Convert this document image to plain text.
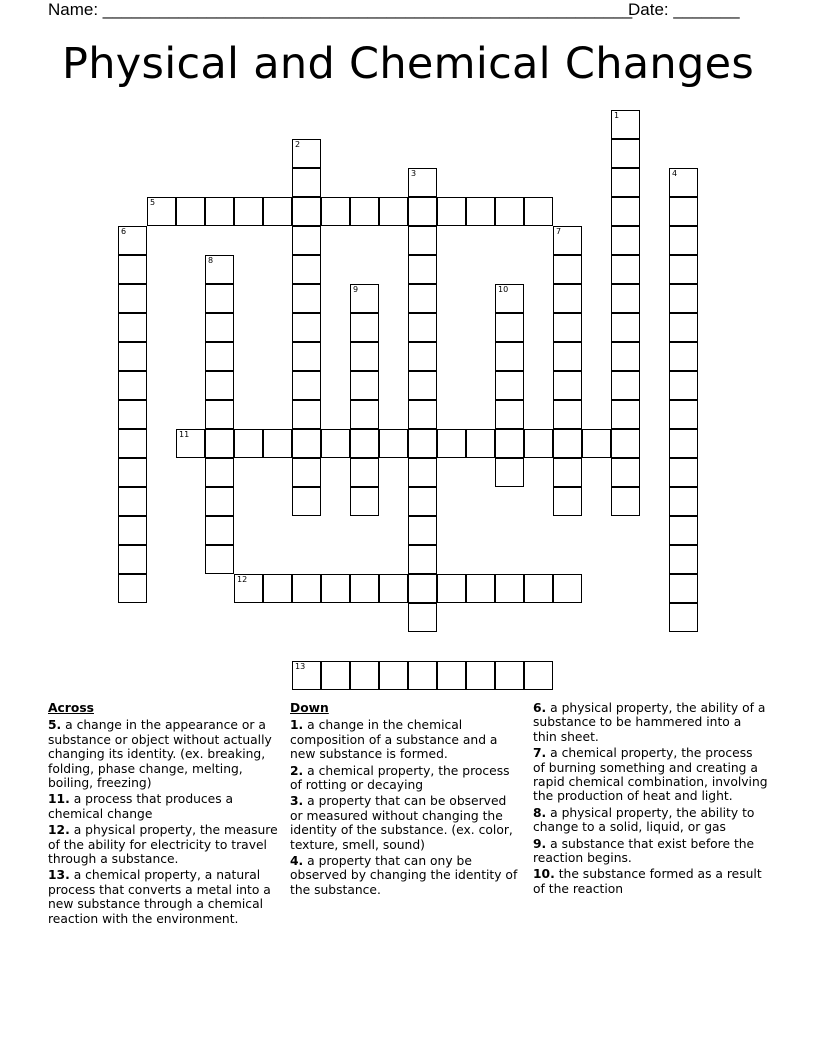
Name: ________________________________________________________
Date: _______
Physical and Chemical Changes
1
2
3	4
5
6	7
8
9	10
11
12
13
Across
5. a change in the appearance or a substance or object without actually changing its identity. (ex. breaking, folding, phase change, melting, boiling, freezing)
11. a process that produces a chemical change
12. a physical property, the measure of the ability for electricity to travel through a substance.
13. a chemical property, a natural process that converts a metal into a new substance through a chemical reaction with the environment.
Down
1. a change in the chemical composition of a substance and a new substance is formed.
2. a chemical property, the process of rotting or decaying
3. a property that can be observed or measured without changing the identity of the substance. (ex. color, texture, smell, sound)
4. a property that can ony be observed by changing the identity of the substance.
6. a physical property, the ability of a substance to be hammered into a thin sheet.
7. a chemical property, the process of burning something and creating a rapid chemical combination, involving the production of heat and light.
8. a physical property, the ability to change to a solid, liquid, or gas
9. a substance that exist before the reaction begins.
10. the substance formed as a result of the reaction
